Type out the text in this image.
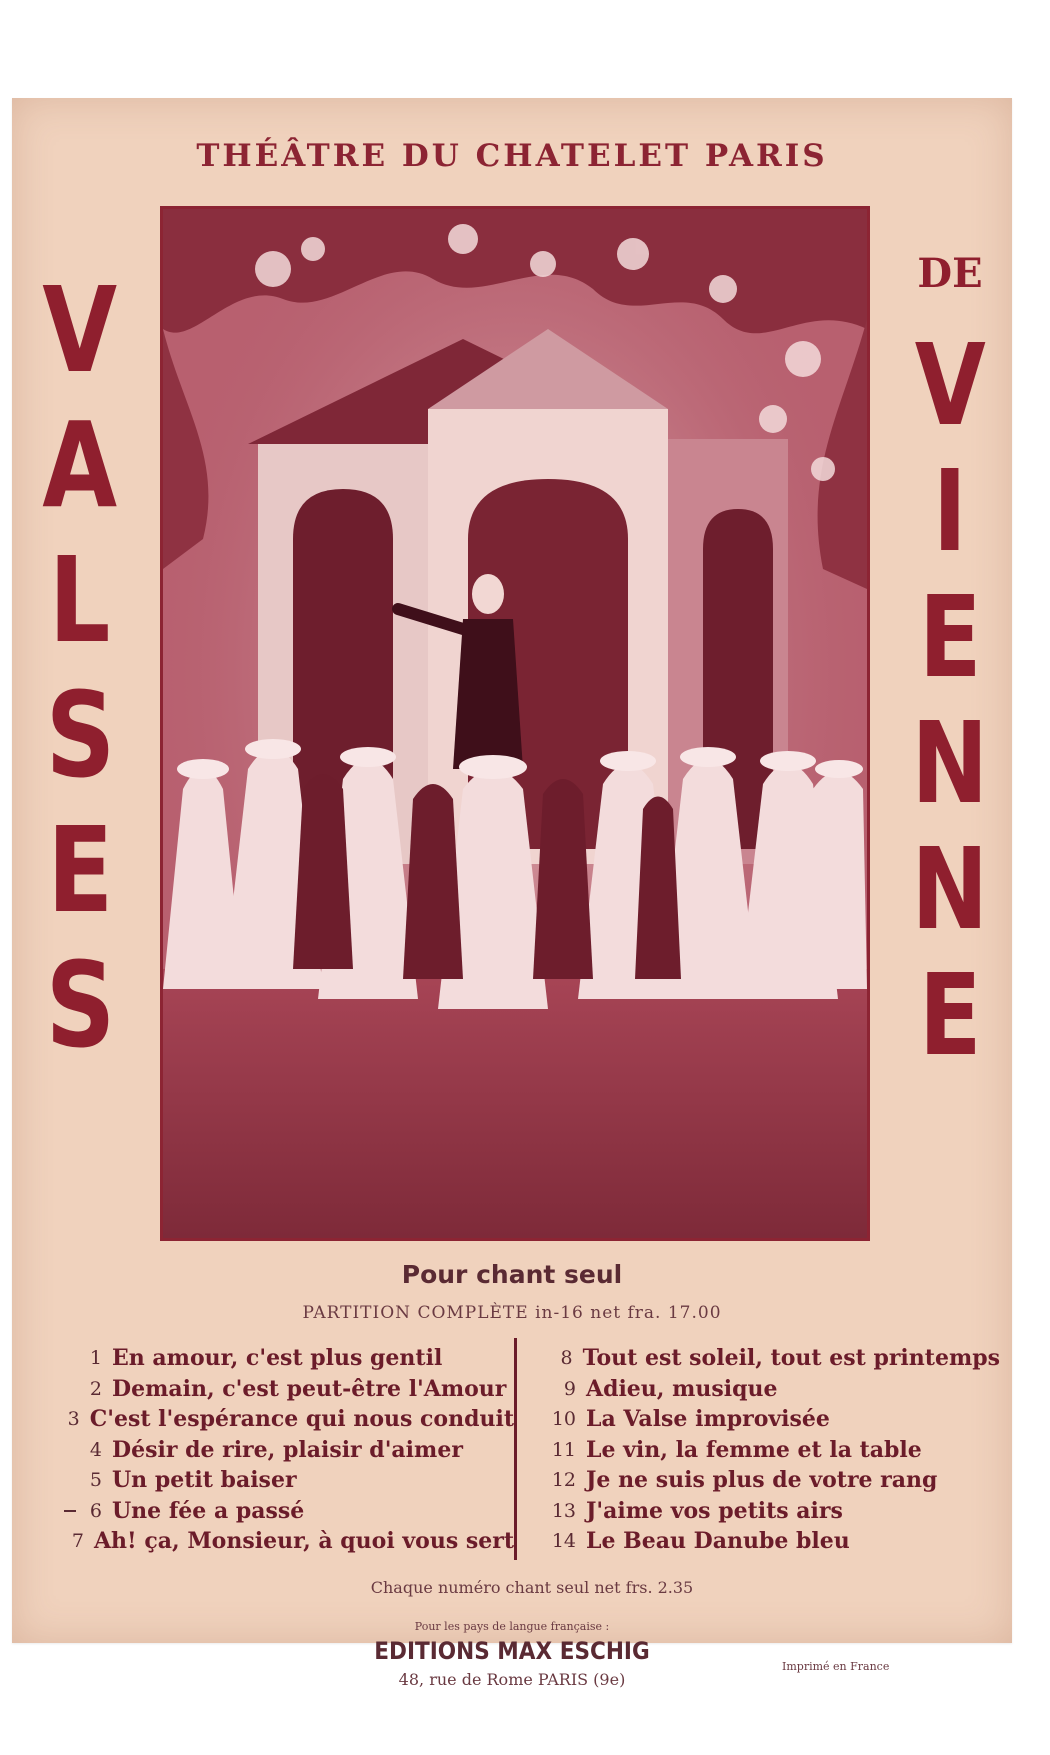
THÉÂTRE DU CHATELET PARIS
V
A
L
S
E
S
DE
V
I
E
N
N
E
Pour chant seul
PARTITION COMPLÈTE in-16 net fra. 17.00
1 En amour, c'est plus gentil
2 Demain, c'est peut-être l'Amour
3 C'est l'espérance qui nous conduit
4 Désir de rire, plaisir d'aimer
5 Un petit baiser
6 Une fée a passé
7 Ah! ça, Monsieur, à quoi vous sert
8 Tout est soleil, tout est printemps
9 Adieu, musique
10 La Valse improvisée
11 Le vin, la femme et la table
12 Je ne suis plus de votre rang
13 J'aime vos petits airs
14 Le Beau Danube bleu
Chaque numéro chant seul net frs. 2.35
Pour les pays de langue française :
EDITIONS MAX ESCHIG
48, rue de Rome PARIS (9e)
Imprimé en France
